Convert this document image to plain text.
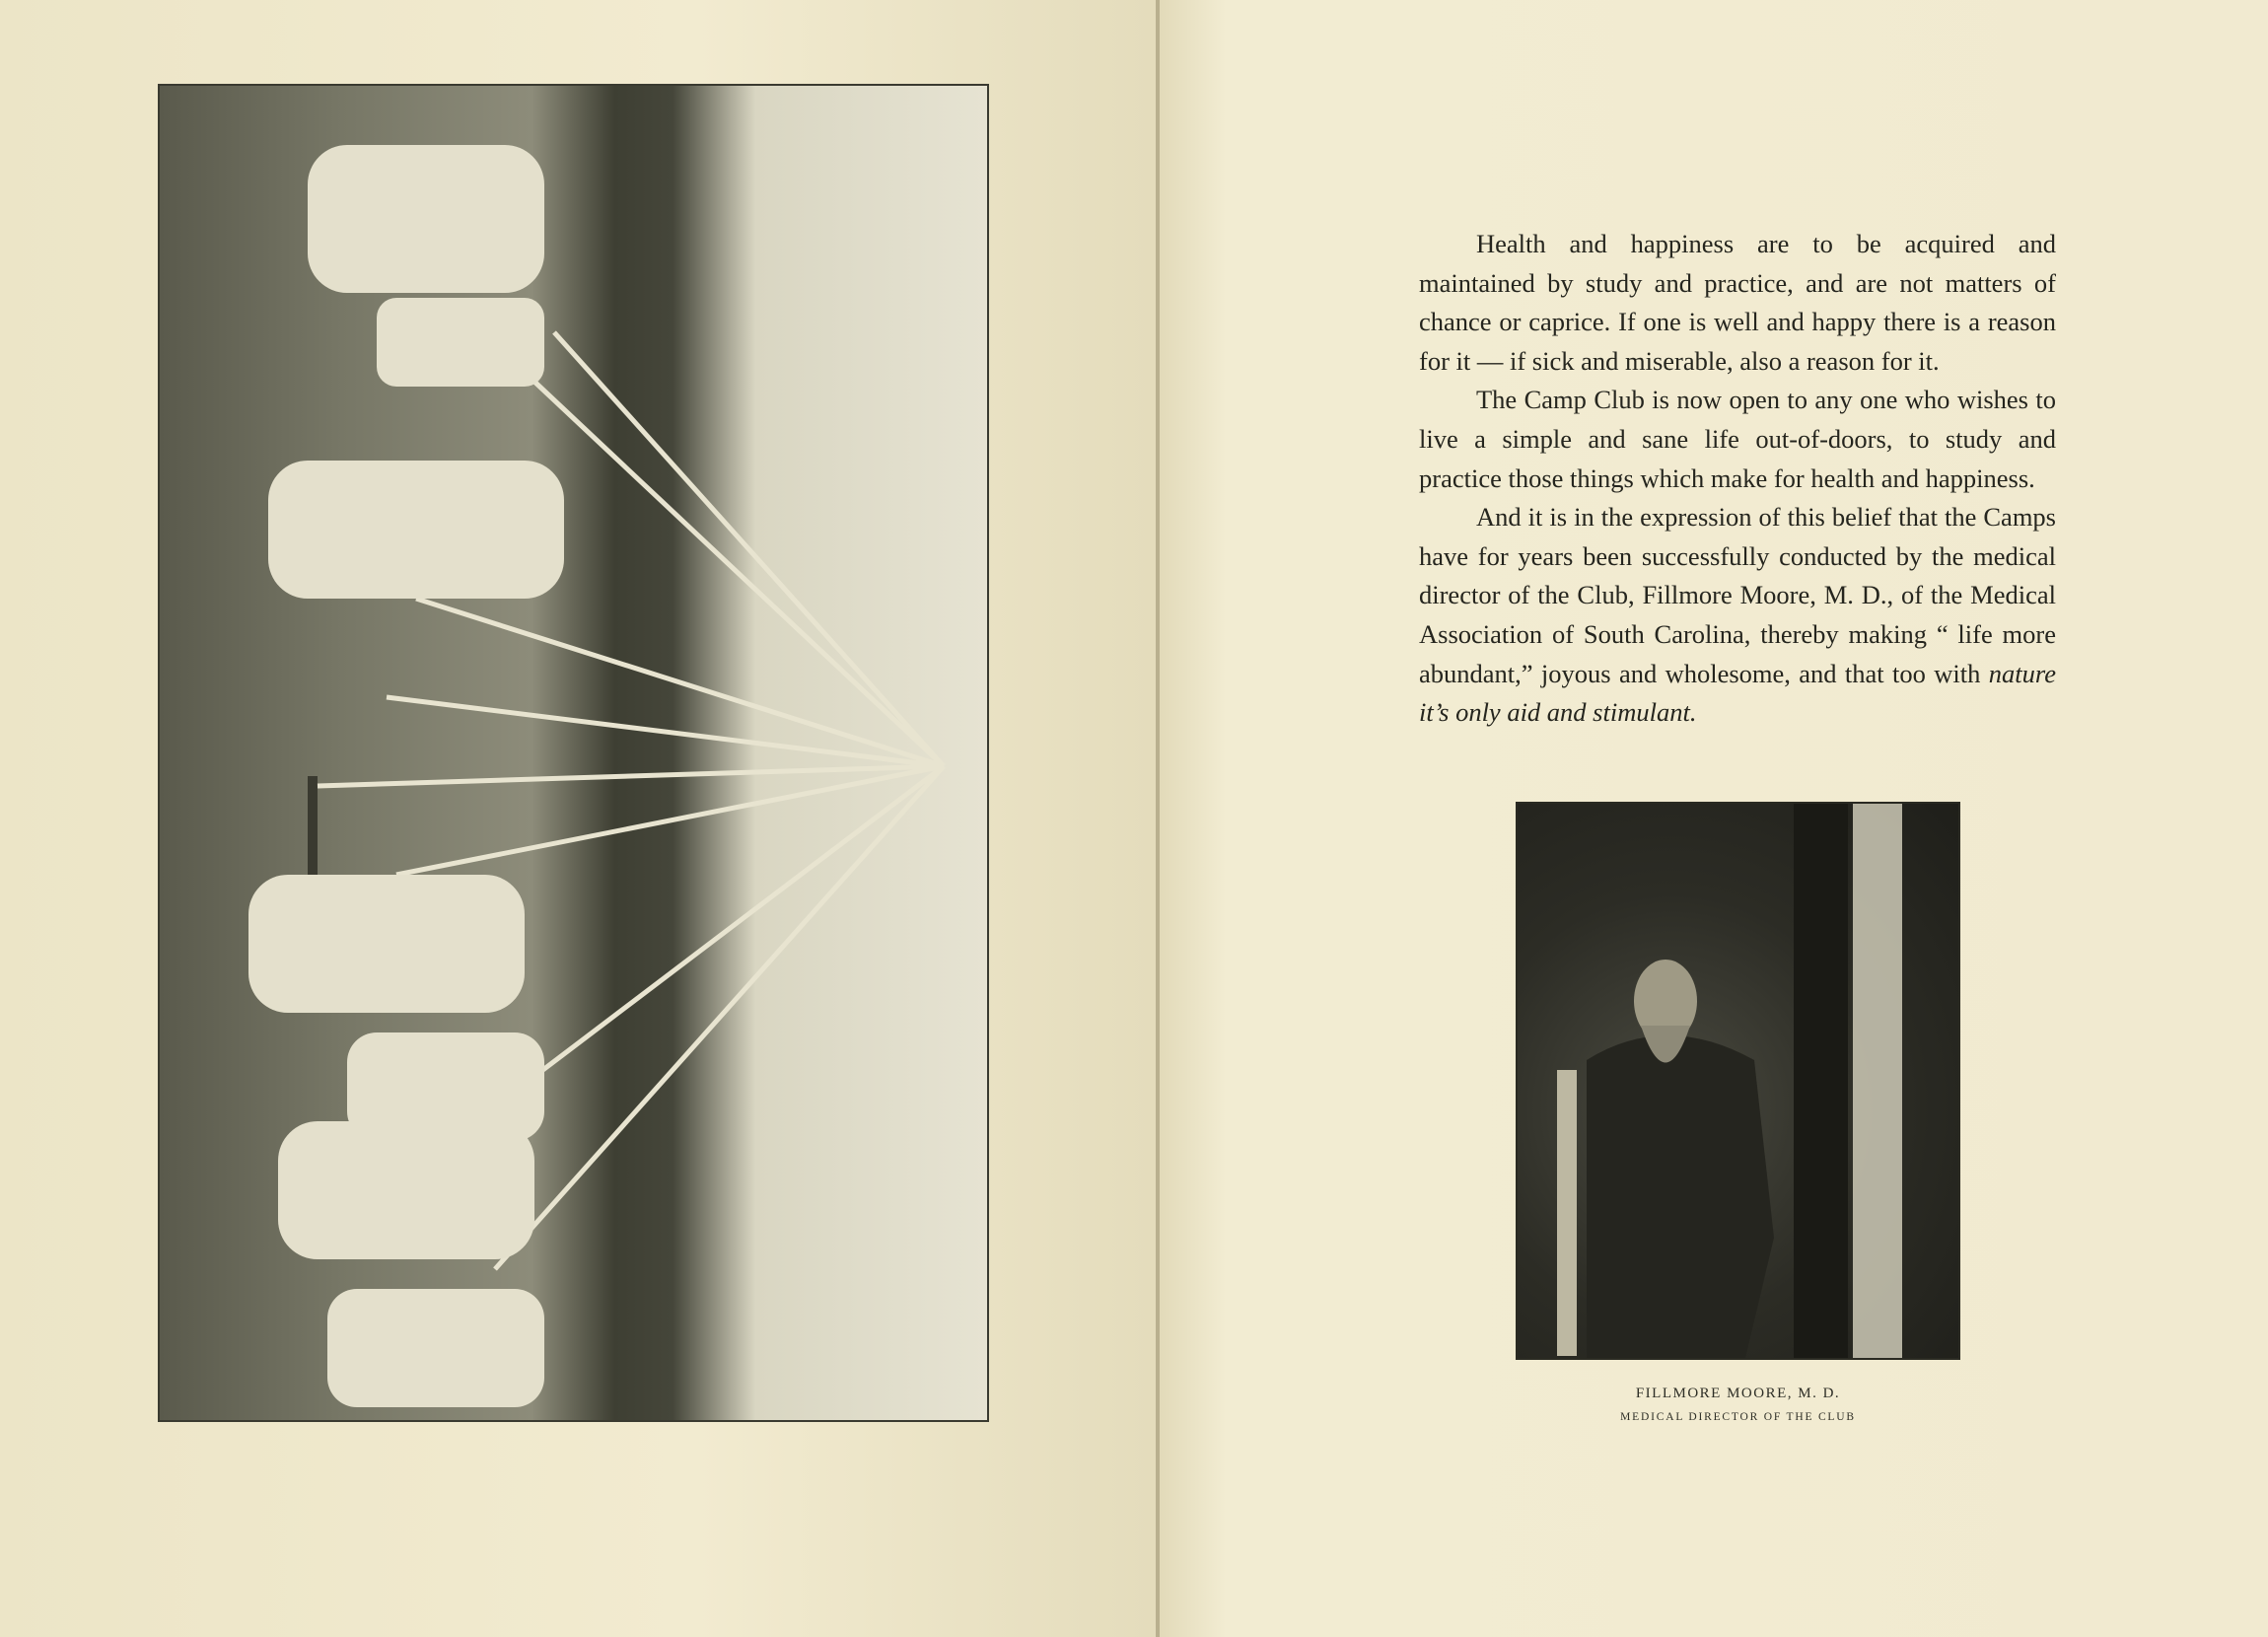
Health and happiness are to be acquired and maintained by study and practice, and are not matters of chance or caprice. If one is well and happy there is a reason for it — if sick and miserable, also a reason for it.

The Camp Club is now open to any one who wishes to live a simple and sane life out-of-doors, to study and practice those things which make for health and happiness.

And it is in the expression of this belief that the Camps have for years been successfully conducted by the medical director of the Club, Fillmore Moore, M. D., of the Medical Association of South Carolina, thereby making “ life more abundant,” joyous and wholesome, and that too with nature it’s only aid and stimulant.

FILLMORE MOORE, M. D.
MEDICAL DIRECTOR OF THE CLUB
